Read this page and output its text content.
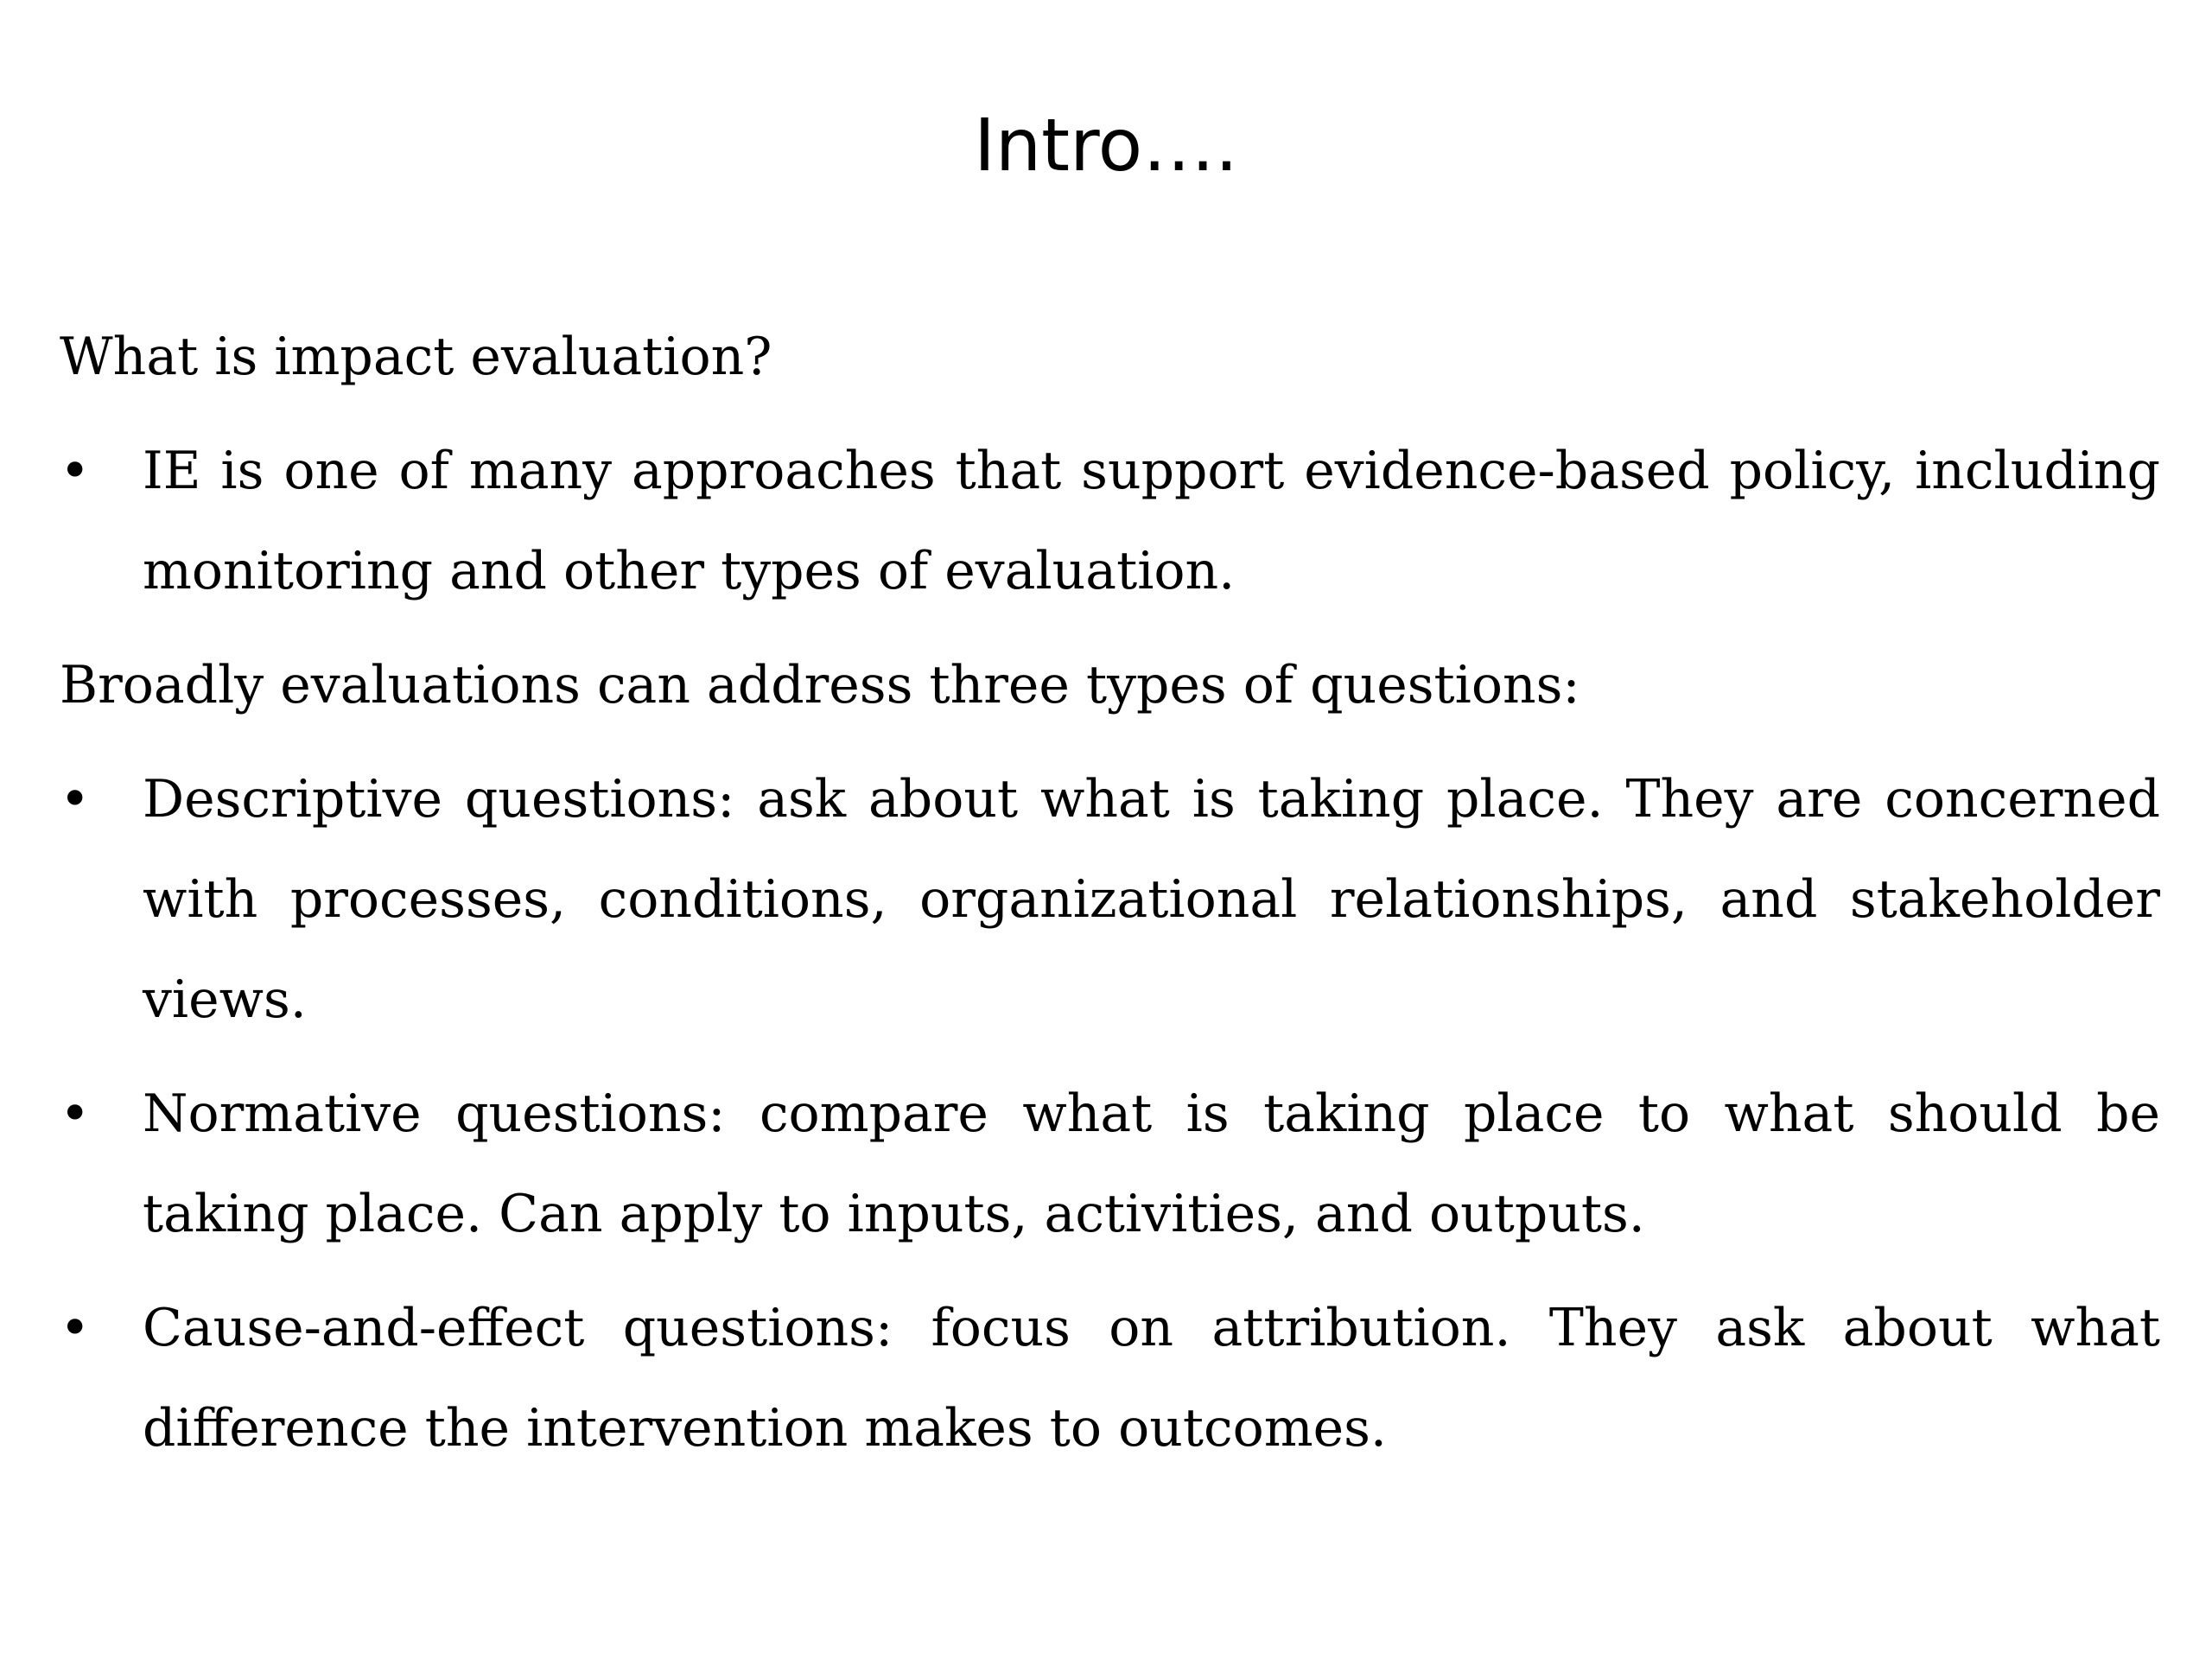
Intro….

What is impact evaluation?

• IE is one of many approaches that support evidence-based policy, including monitoring and other types of evaluation.

Broadly evaluations can address three types of questions:

• Descriptive questions: ask about what is taking place. They are concerned with processes, conditions, organizational relationships, and stakeholder views.
• Normative questions: compare what is taking place to what should be taking place. Can apply to inputs, activities, and outputs.
• Cause-and-effect questions: focus on attribution. They ask about what difference the intervention makes to outcomes.
